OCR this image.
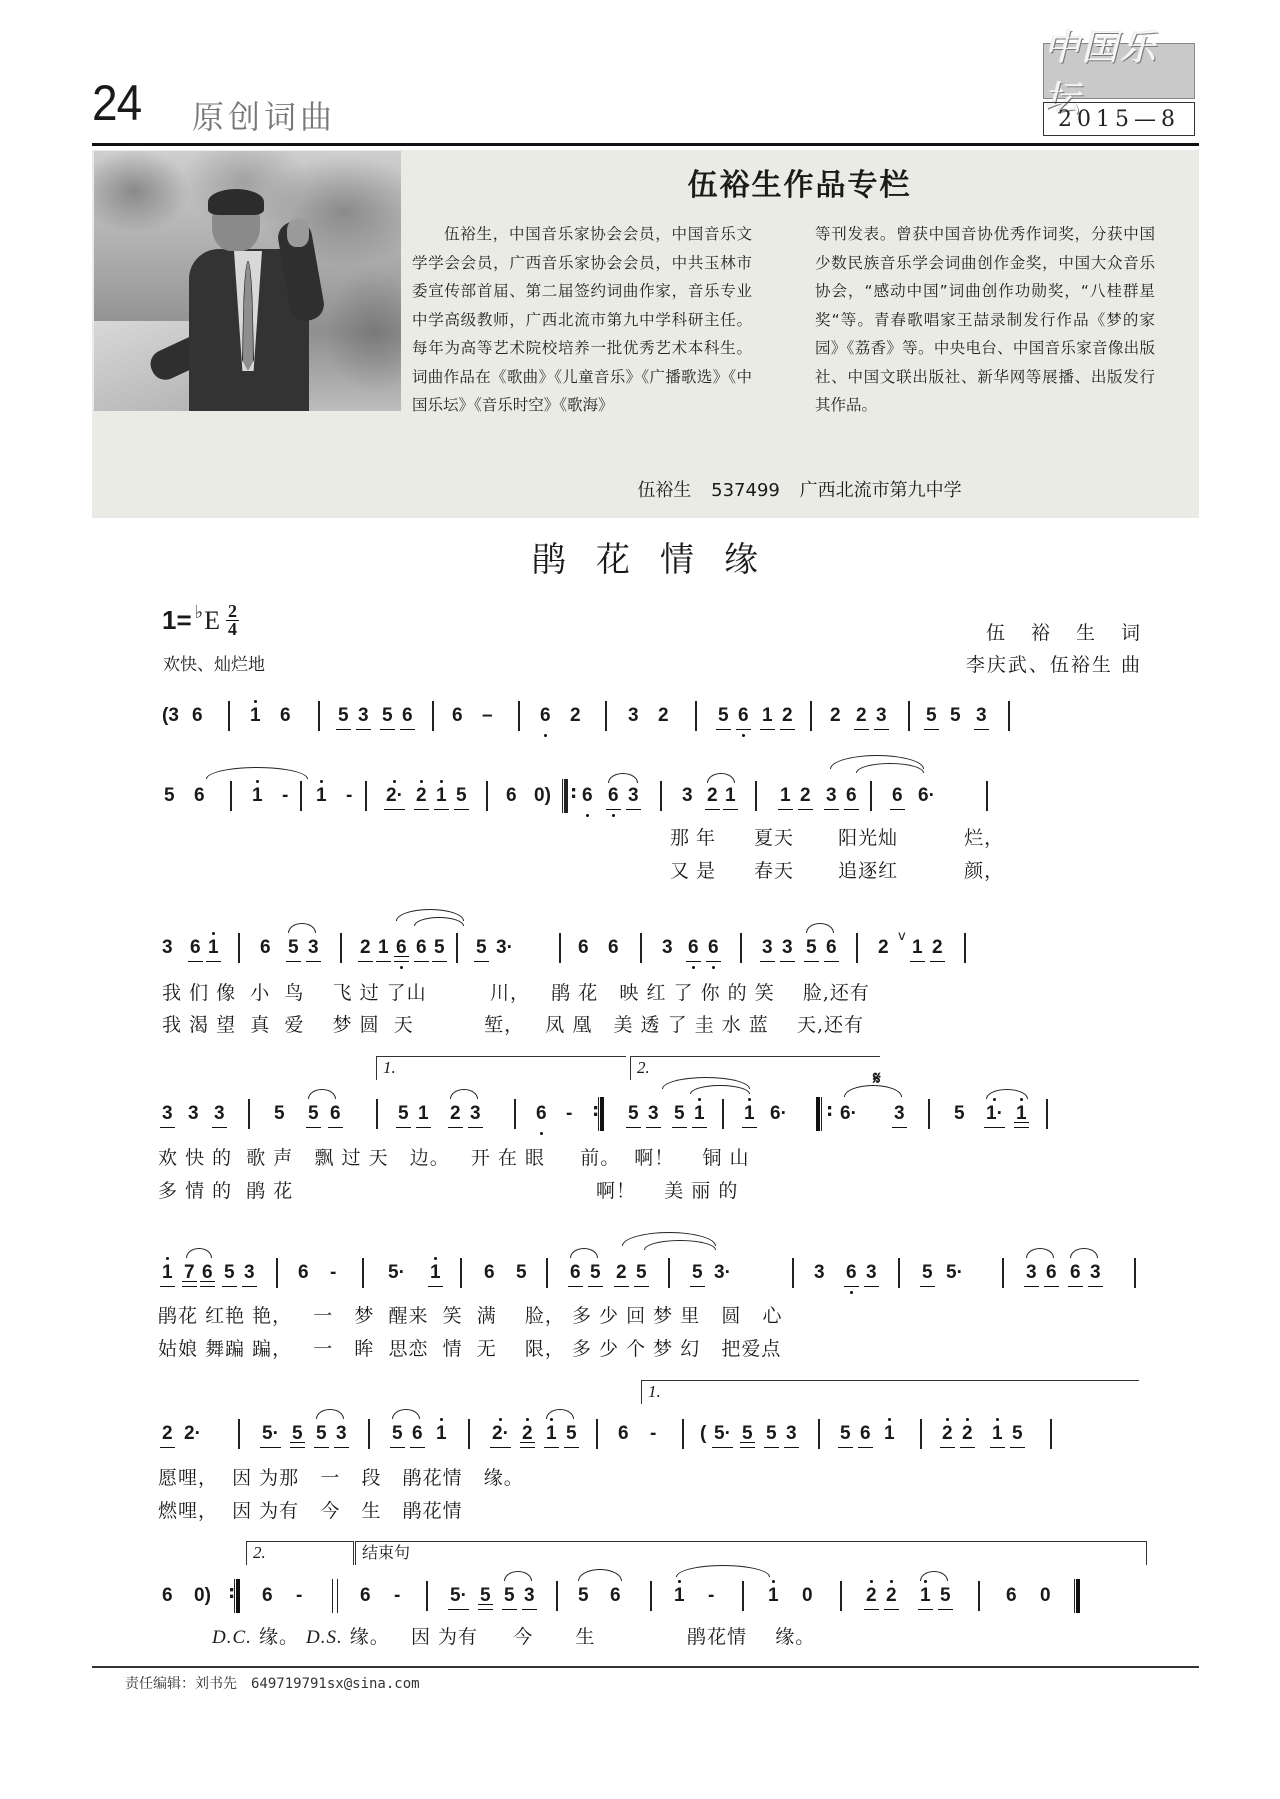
24 原创词曲
中国乐坛
2015—8
伍裕生作品专栏
伍裕生，中国音乐家协会会员，中国音乐文学学会会员，广西音乐家协会会员，中共玉林市委宣传部首届、第二届签约词曲作家，音乐专业中学高级教师，广西北流市第九中学科研主任。每年为高等艺术院校培养一批优秀艺术本科生。词曲作品在《歌曲》《儿童音乐》《广播歌选》《中国乐坛》《音乐时空》《歌海》
等刊发表。曾获中国音协优秀作词奖，分获中国少数民族音乐学会词曲创作金奖，中国大众音乐协会，“感动中国”词曲创作功勋奖，“八桂群星奖“等。青春歌唱家王喆录制发行作品《梦的家园》《荔香》等。中央电台、中国音乐家音像出版社、中国文联出版社、新华网等展播、出版发行其作品。
伍裕生 537499 广西北流市第九中学
鹃花情缘
1= ♭ E $\frac{2}{4}$
欢快、灿烂地
伍裕生词
李庆武、伍裕生 曲
(3 6 1 6 5 3 5 6 6 – 6 2 3 2	5 6 1 2 2 2 3 5 5 3
5 6 1 - 1 - 2· 2 1 5 6 0) : 6 6 3 3 2 1 1 2 3 6 6 6·
那 年 夏天 阳光灿	烂，
又 是 春天 追逐红	颜，
3 6 1 6 5 3 2 1 6 6 5 5 3·	6 6 3 6 6 3 3 5 6 2
v
1 2
我 们 像 小 鸟 飞 过 了山	川， 鹃 花 映 红 了 你 的 笑 脸,还有
我 渴 望 真 爱 梦 圆 天	堑， 凤 凰 美 透 了 圭 水 蓝 天,还有
1.	2.
𝄋
3 3 3	5 5 6	5 1 2 3	6 - : 5 3 5 1 1 6· : 6· 3	5 1· 1
欢 快 的 歌 声 飘 过 天 边。 开 在 眼 前。 啊！ 铜 山
多 情 的 鹃 花	啊！ 美 丽 的
1 7 6 5 3 6 -	5· 1 6 5 6 5 2 5 5 3·	3 6 3 5 5·	3 6 6 3
鹃花 红艳 艳， 一 梦 醒来 笑 满 脸， 多 少 回 梦 里 圆 心
姑娘 舞蹁 蹁， 一 眸 思恋 情 无 限， 多 少 个 梦 幻 把爱点
1.
2 2·	5· 5 5 3 5 6 1 2· 2 1 5 6 - ( 5· 5 5 3 5 6 1 2 2 1 5
愿哩， 因 为那 一 段 鹃花情 缘。
燃哩， 因 为有 今 生 鹃花情
2.	结束句
6 0) : 6 -	6 -	5· 5 5 3 5 6	1 -	1 0	2 2 1 5	6 0
D.C. 缘。 D.S. 缘。 因 为有 今 生	鹃花情 缘。
责任编辑：刘书先 649719791sx@sina.com
